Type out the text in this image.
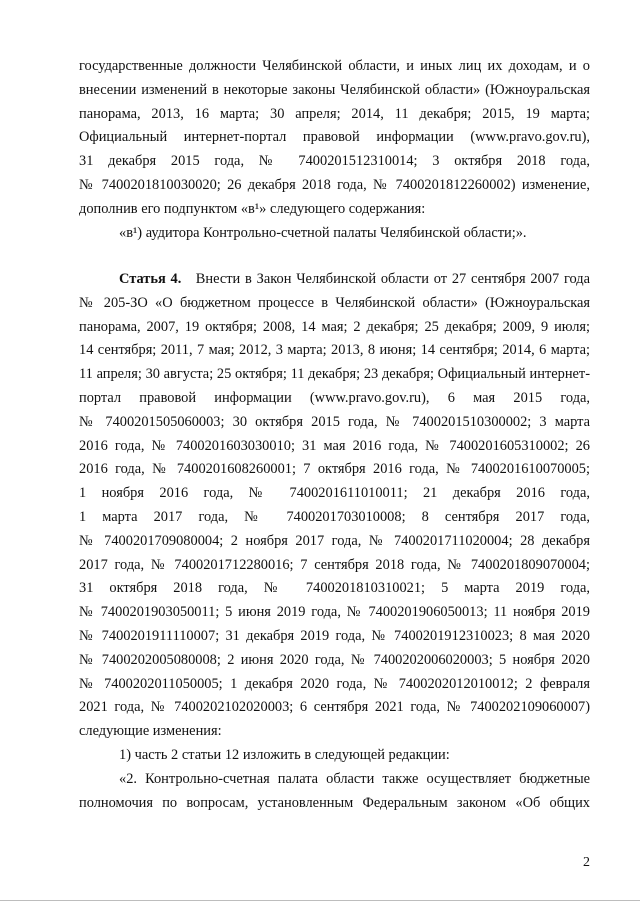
государственные должности Челябинской области, и иных лиц их доходам, и о
внесении изменений в некоторые законы Челябинской области» (Южноуральская
панорама, 2013, 16 марта; 30 апреля; 2014, 11 декабря; 2015, 19 марта;
Официальный интернет-портал правовой информации (www.pravo.gov.ru),
31 декабря 2015 года, № 7400201512310014; 3 октября 2018 года,
№ 7400201810030020; 26 декабря 2018 года, № 7400201812260002) изменение,
дополнив его подпунктом «в¹» следующего содержания:
«в¹) аудитора Контрольно-счетной палаты Челябинской области;».
Статья 4. Внести в Закон Челябинской области от 27 сентября 2007 года
№ 205-ЗО «О бюджетном процессе в Челябинской области» (Южноуральская
панорама, 2007, 19 октября; 2008, 14 мая; 2 декабря; 25 декабря; 2009, 9 июля;
14 сентября; 2011, 7 мая; 2012, 3 марта; 2013, 8 июня; 14 сентября; 2014, 6 марта;
11 апреля; 30 августа; 25 октября; 11 декабря; 23 декабря; Официальный интернет-
портал правовой информации (www.pravo.gov.ru), 6 мая 2015 года,
№ 7400201505060003; 30 октября 2015 года, № 7400201510300002; 3 марта
2016 года, № 7400201603030010; 31 мая 2016 года, № 7400201605310002; 26
2016 года, № 7400201608260001; 7 октября 2016 года, № 7400201610070005;
1 ноября 2016 года, № 7400201611010011; 21 декабря 2016 года,
1 марта 2017 года, № 7400201703010008; 8 сентября 2017 года,
№ 7400201709080004; 2 ноября 2017 года, № 7400201711020004; 28 декабря
2017 года, № 7400201712280016; 7 сентября 2018 года, № 7400201809070004;
31 октября 2018 года, № 7400201810310021; 5 марта 2019 года,
№ 7400201903050011; 5 июня 2019 года, № 7400201906050013; 11 ноября 2019
№ 7400201911110007; 31 декабря 2019 года, № 7400201912310023; 8 мая 2020
№ 7400202005080008; 2 июня 2020 года, № 7400202006020003; 5 ноября 2020
№ 7400202011050005; 1 декабря 2020 года, № 7400202012010012; 2 февраля
2021 года, № 7400202102020003; 6 сентября 2021 года, № 7400202109060007)
следующие изменения:
1) часть 2 статьи 12 изложить в следующей редакции:
«2. Контрольно-счетная палата области также осуществляет бюджетные
полномочия по вопросам, установленным Федеральным законом «Об общих
2
